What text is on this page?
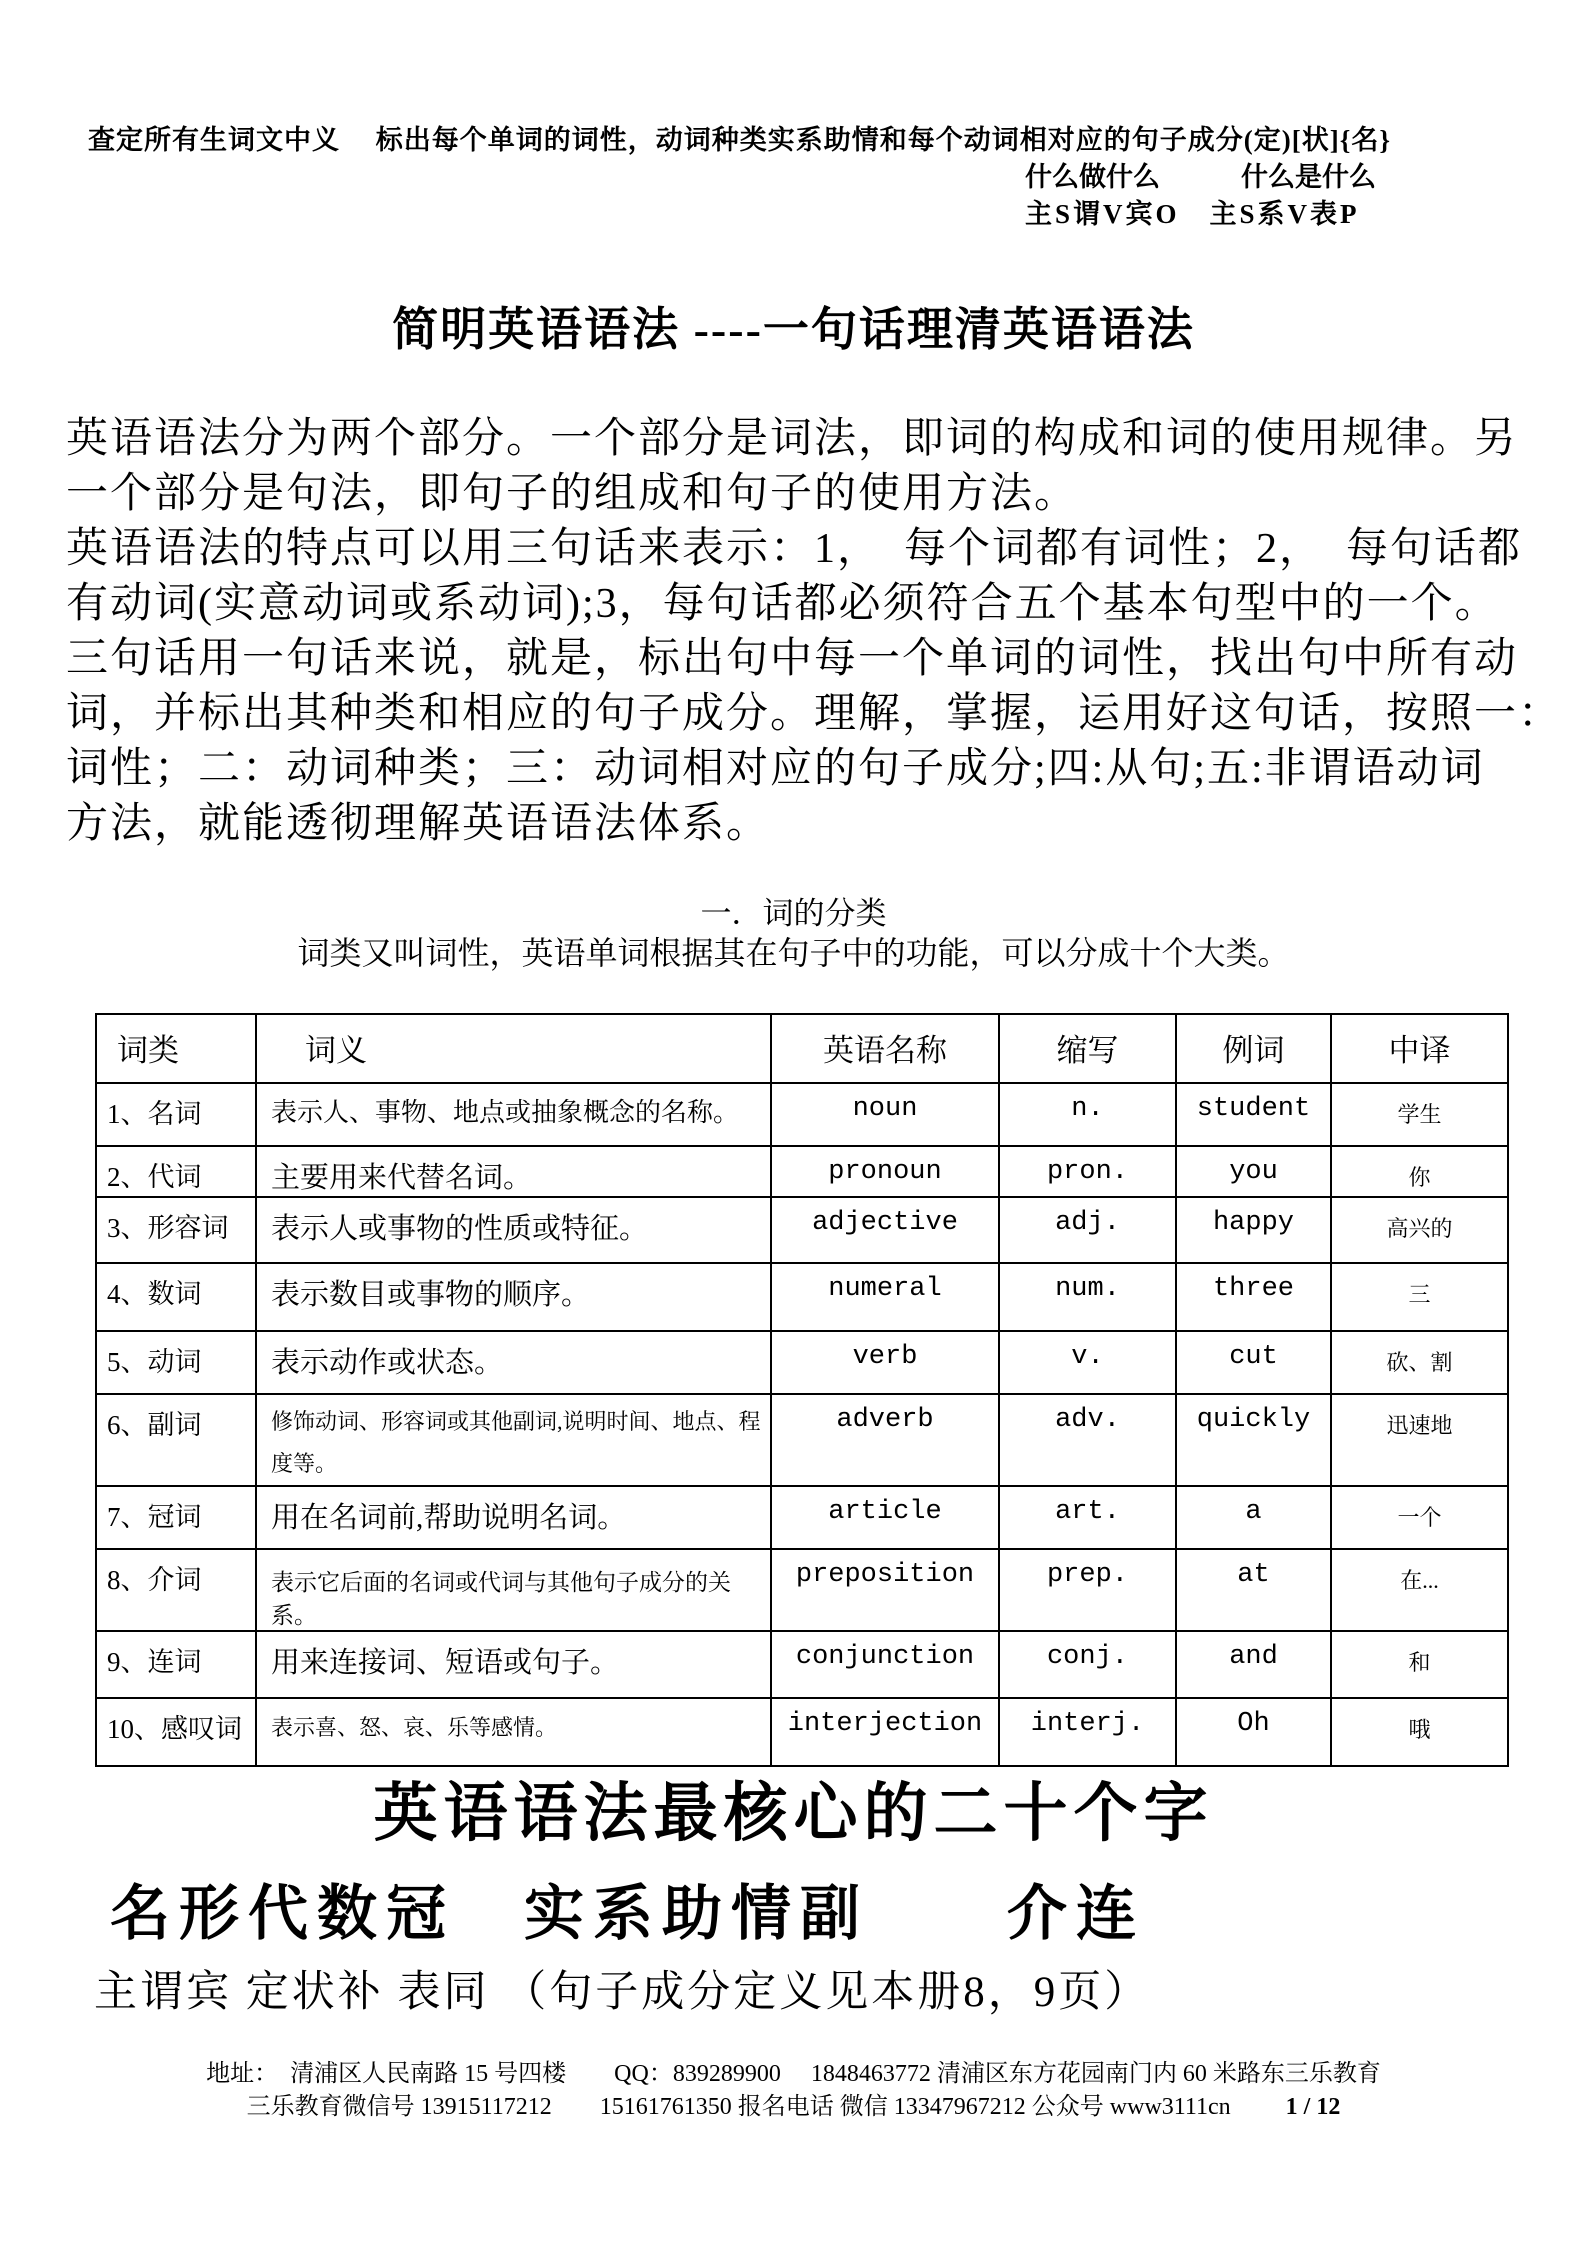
查定所有生词文中义　 标出每个单词的词性，动词种类实系助情和每个动词相对应的句子成分(定)[状]{名}
什么做什么　　　	什么是什么
主S谓V宾O　 主S系V表P
简明英语语法 ----一句话理清英语语法
英语语法分为两个部分。一个部分是词法，即词的构成和词的使用规律。另
一个部分是句法，即句子的组成和句子的使用方法。
英语语法的特点可以用三句话来表示：1，　每个词都有词性；2，　每句话都
有动词(实意动词或系动词);3，每句话都必须符合五个基本句型中的一个。
三句话用一句话来说，就是，标出句中每一个单词的词性，找出句中所有动
词，并标出其种类和相应的句子成分。理解，掌握，运用好这句话，按照一：
词性；二：动词种类；三：动词相对应的句子成分;四:从句;五:非谓语动词
方法，就能透彻理解英语语法体系。
一．词的分类
词类又叫词性，英语单词根据其在句子中的功能，可以分成十个大类。
词类	词义	英语名称	缩写	例词	中译
1、名词	表示人、事物、地点或抽象概念的名称。	noun	n.	student	学生
2、代词	主要用来代替名词。	pronoun	pron.	you	你
3、形容词	表示人或事物的性质或特征。	adjective	adj.	happy	高兴的
4、数词	表示数目或事物的顺序。	numeral	num.	three	三
5、动词	表示动作或状态。	verb	v.	cut	砍、割
6、副词	修饰动词、形容词或其他副词,说明时间、地点、程度等。	adverb	adv.	quickly	迅速地
7、冠词	用在名词前,帮助说明名词。	article	art.	a	一个
8、介词	表示它后面的名词或代词与其他句子成分的关系。	preposition	prep.	at	在...
9、连词	用来连接词、短语或句子。	conjunction	conj.	and	和
10、感叹词	表示喜、怒、哀、乐等感情。	interjection	interj.	Oh	哦
英语语法最核心的二十个字
名形代数冠　实系助情副　　介连
主谓宾 定状补 表同 （句子成分定义见本册8，9页）
地址：　清浦区人民南路 15 号四楼　　QQ：839289900　 1848463772 清浦区东方花园南门内 60 米路东三乐教育
三乐教育微信号 13915117212　　15161761350 报名电话 微信 13347967212 公众号 www3111cn 1 / 12
